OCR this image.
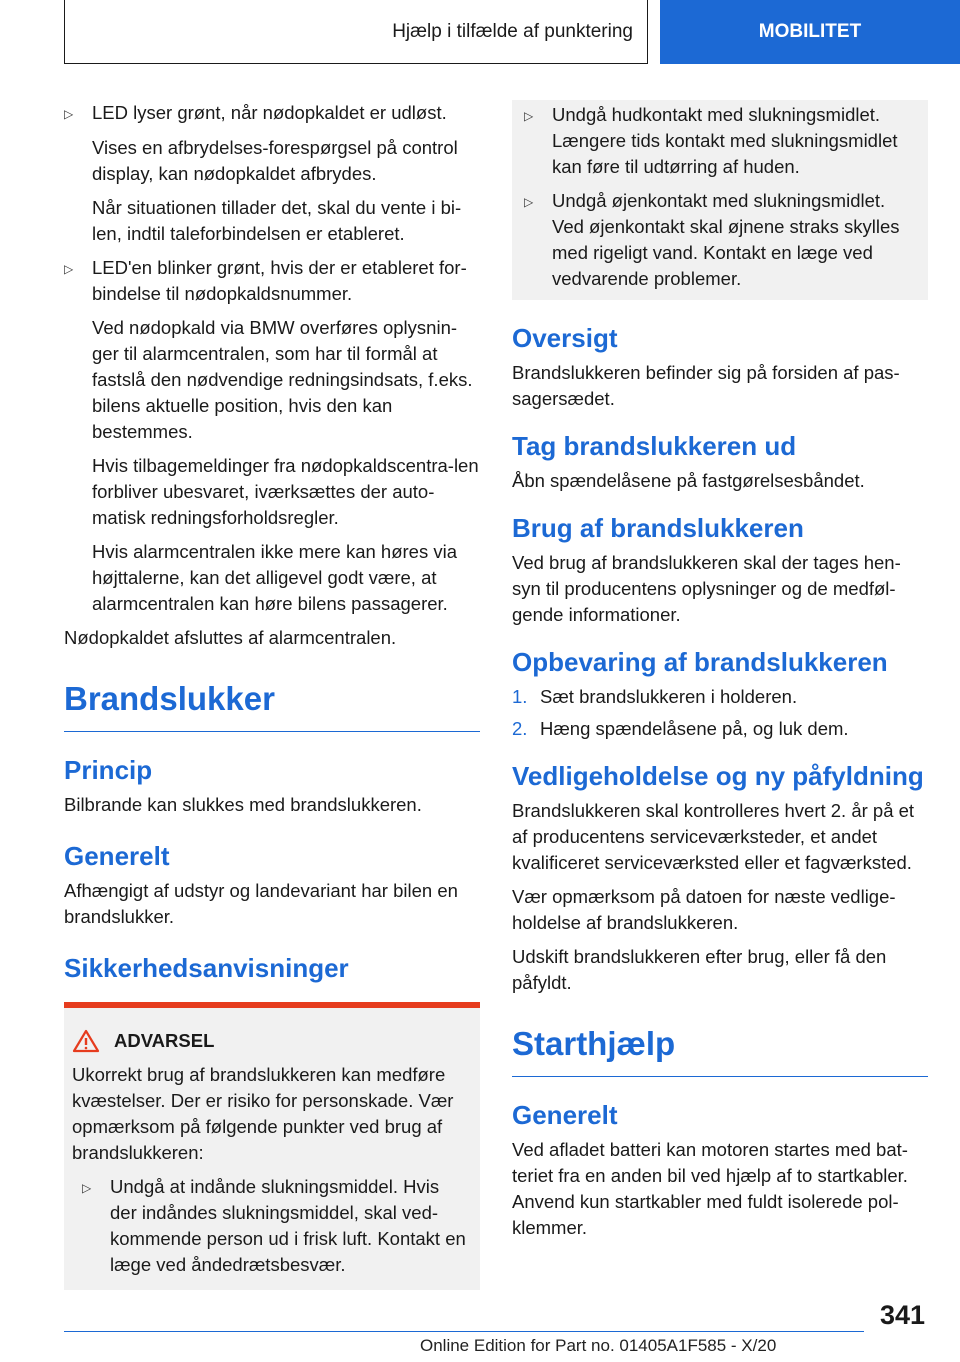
Hjælp i tilfælde af punktering	MOBILITET
▷	LED lyser grønt, når nødopkaldet er udløst.
Vises en afbrydelses-forespørgsel på control display, kan nødopkaldet afbrydes.
Når situationen tillader det, skal du vente i bi-len, indtil taleforbindelsen er etableret.
▷	LED'en blinker grønt, hvis der er etableret for-bindelse til nødopkaldsnummer.
Ved nødopkald via BMW overføres oplysnin-ger til alarmcentralen, som har til formål at fastslå den nødvendige redningsindsats, f.eks. bilens aktuelle position, hvis den kan bestemmes.
Hvis tilbagemeldinger fra nødopkaldscentra-len forbliver ubesvaret, iværksættes der auto-matisk redningsforholdsregler.
Hvis alarmcentralen ikke mere kan høres via højttalerne, kan det alligevel godt være, at alarmcentralen kan høre bilens passagerer.

Nødopkaldet afsluttes af alarmcentralen.

Brandslukker
Princip

Bilbrande kan slukkes med brandslukkeren.

Generelt

Afhængigt af udstyr og landevariant har bilen en brandslukker.

Sikkerhedsanvisninger
ADVARSEL

Ukorrekt brug af brandslukkeren kan medføre kvæstelser. Der er risiko for personskade. Vær opmærksom på følgende punkter ved brug af brandslukkeren:

▷	Undgå at indånde slukningsmiddel. Hvis der indåndes slukningsmiddel, skal ved-kommende person ud i frisk luft. Kontakt en læge ved åndedrætsbesvær.
▷	Undgå hudkontakt med slukningsmidlet. Længere tids kontakt med slukningsmidlet kan føre til udtørring af huden.
▷	Undgå øjenkontakt med slukningsmidlet. Ved øjenkontakt skal øjnene straks skylles med rigeligt vand. Kontakt en læge ved vedvarende problemer.
Oversigt

Brandslukkeren befinder sig på forsiden af pas-sagersædet.

Tag brandslukkeren ud

Åbn spændelåsene på fastgørelsesbåndet.

Brug af brandslukkeren

Ved brug af brandslukkeren skal der tages hen-syn til producentens oplysninger og de medføl-gende informationer.

Opbevaring af brandslukkeren
1. Sæt brandslukkeren i holderen.
2. Hæng spændelåsene på, og luk dem.
Vedligeholdelse og ny påfyldning

Brandslukkeren skal kontrolleres hvert 2. år på et af producentens serviceværksteder, et andet kvalificeret serviceværksted eller et fagværksted.

Vær opmærksom på datoen for næste vedlige-holdelse af brandslukkeren.

Udskift brandslukkeren efter brug, eller få den påfyldt.

Starthjælp
Generelt

Ved afladet batteri kan motoren startes med bat-teriet fra en anden bil ved hjælp af to startkabler. Anvend kun startkabler med fuldt isolerede pol-klemmer.

341
Online Edition for Part no. 01405A1F585 - X/20
